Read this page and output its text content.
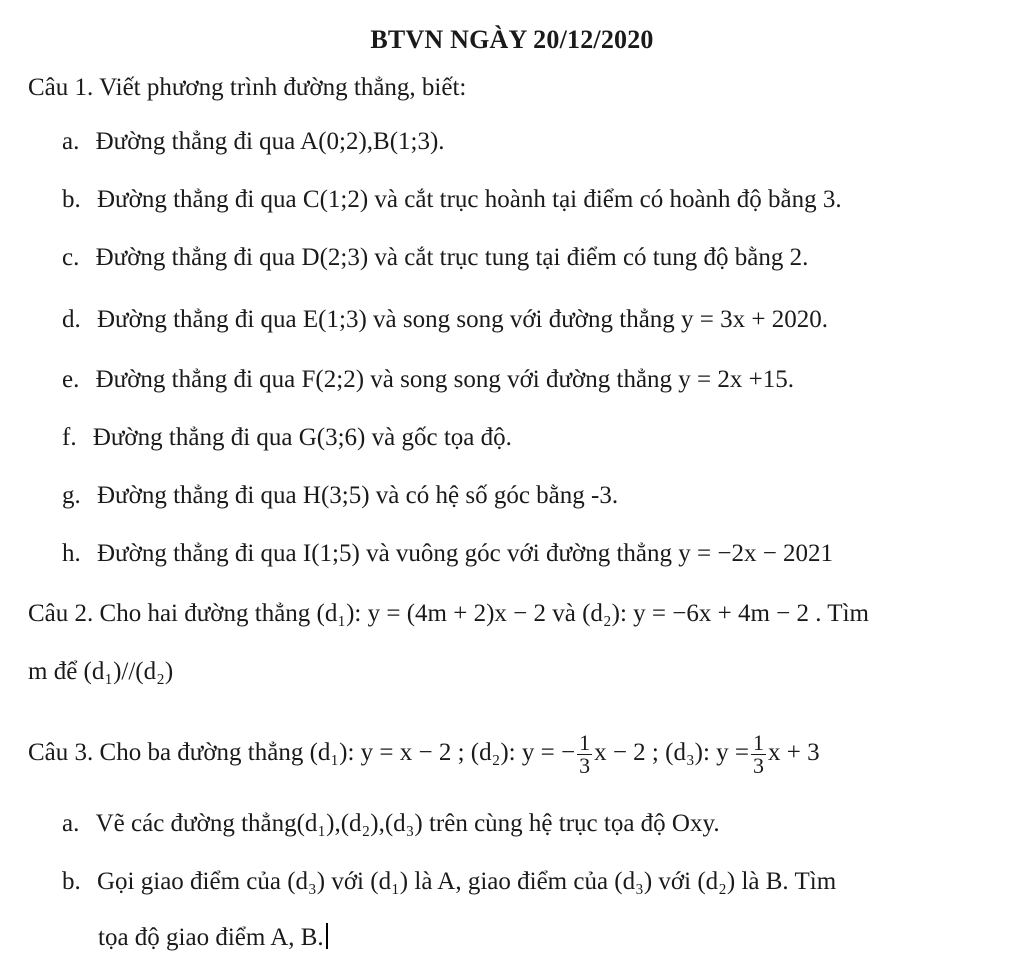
BTVN NGÀY 20/12/2020
Câu 1. Viết phương trình đường thẳng, biết:
a. Đường thẳng đi qua A(0;2),B(1;3).
b. Đường thẳng đi qua C(1;2) và cắt trục hoành tại điểm có hoành độ bằng 3.
c. Đường thẳng đi qua D(2;3) và cắt trục tung tại điểm có tung độ bằng 2.
d. Đường thẳng đi qua E(1;3) và song song với đường thẳng y = 3x + 2020.
e. Đường thẳng đi qua F(2;2) và song song với đường thẳng y = 2x +15.
f. Đường thẳng đi qua G(3;6) và gốc tọa độ.
g. Đường thẳng đi qua H(3;5) và có hệ số góc bằng -3.
h. Đường thẳng đi qua I(1;5) và vuông góc với đường thẳng y = −2x − 2021
Câu 2. Cho hai đường thẳng (d₁): y = (4m + 2)x − 2 và (d₂): y = −6x + 4m − 2 . Tìm
m để (d₁)//(d₂)
Câu 3. Cho ba đường thẳng (d₁): y = x − 2 ; (d₂): y = − $\frac{1}{3}$ x − 2 ; (d₃): $y = \frac{1}{3}$ x + 3
a. Vẽ các đường thẳng(d₁),(d₂),(d₃) trên cùng hệ trục tọa độ Oxy.
b. Gọi giao điểm của (d₃) với (d₁) là A, giao điểm của (d₃) với (d₂) là B. Tìm
tọa độ giao điểm A, B.
